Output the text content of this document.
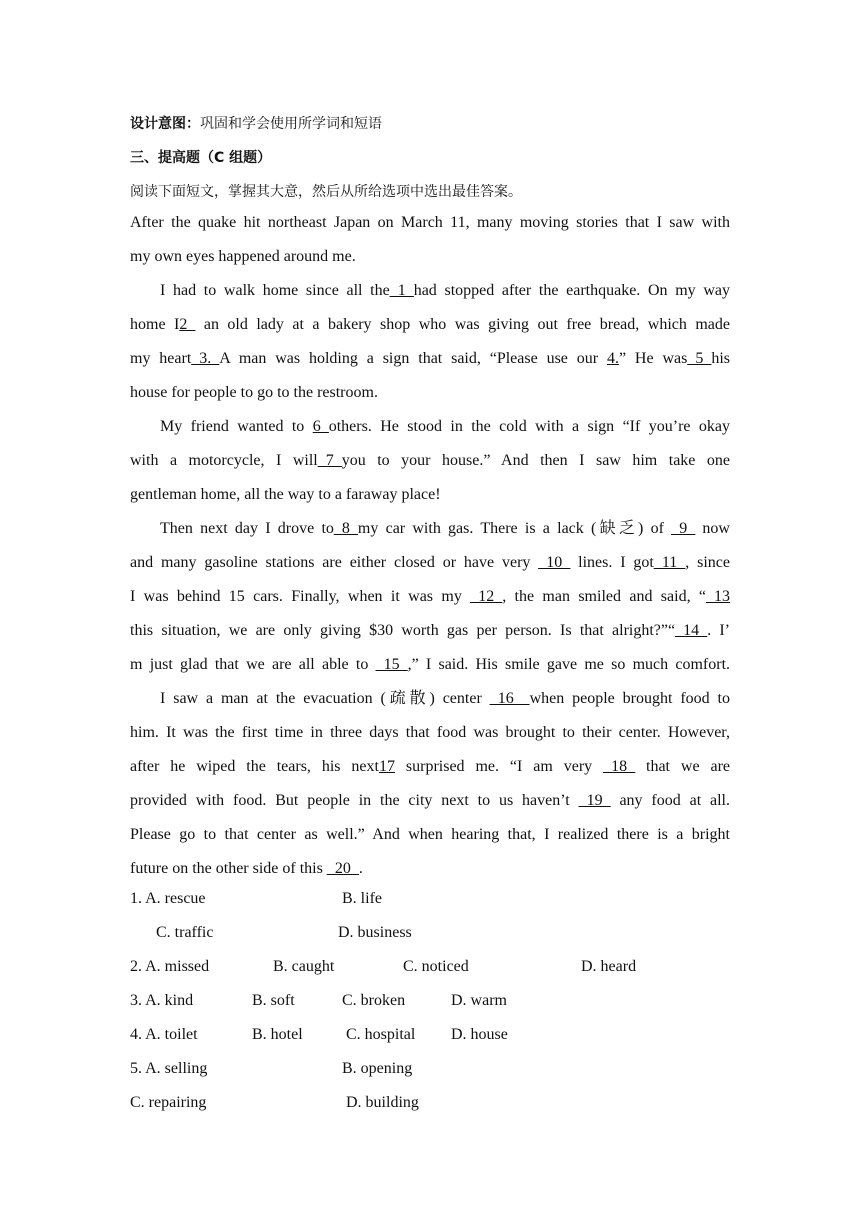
设计意图：巩固和学会使用所学词和短语
三、提高题（C 组题）
阅读下面短文，掌握其大意，然后从所给选项中选出最佳答案。
After the quake hit northeast Japan on March 11, many moving stories that I saw with
my own eyes happened around me.
I had to walk home since all the_1_had stopped after the earthquake. On my way
home I2_ an old lady at a bakery shop who was giving out free bread, which made
my heart_3._A man was holding a sign that said, “Please use our 4.” He was_5_his
house for people to go to the restroom.
My friend wanted to 6_others. He stood in the cold with a sign “If you’re okay
with a motorcycle, I will_7_you to your house.” And then I saw him take one
gentleman home, all the way to a faraway place!
Then next day I drove to_8_my car with gas. There is a lack (缺乏) of _9_ now
and many gasoline stations are either closed or have very _10_ lines. I got_11_, since
I was behind 15 cars. Finally, when it was my _12_, the man smiled and said, “_13
this situation, we are only giving $30 worth gas per person. Is that alright?”“_14_. I’
m just glad that we are all able to _15_,” I said. His smile gave me so much comfort.
I saw a man at the evacuation (疏散) center _16_ when people brought food to
him. It was the first time in three days that food was brought to their center. However,
after he wiped the tears, his next17 surprised me. “I am very _18_ that we are
provided with food. But people in the city next to us haven’t _19_ any food at all.
Please go to that center as well.” And when hearing that, I realized there is a bright
future on the other side of this _20_.
1. A. rescue	B. life
C. traffic	D. business
2. A. missed	B. caught	C. noticed	D. heard
3. A. kind	B. soft	C. broken	D. warm
4. A. toilet	B. hotel	C. hospital D. house
5. A. selling	B. opening
C. repairing	D. building
